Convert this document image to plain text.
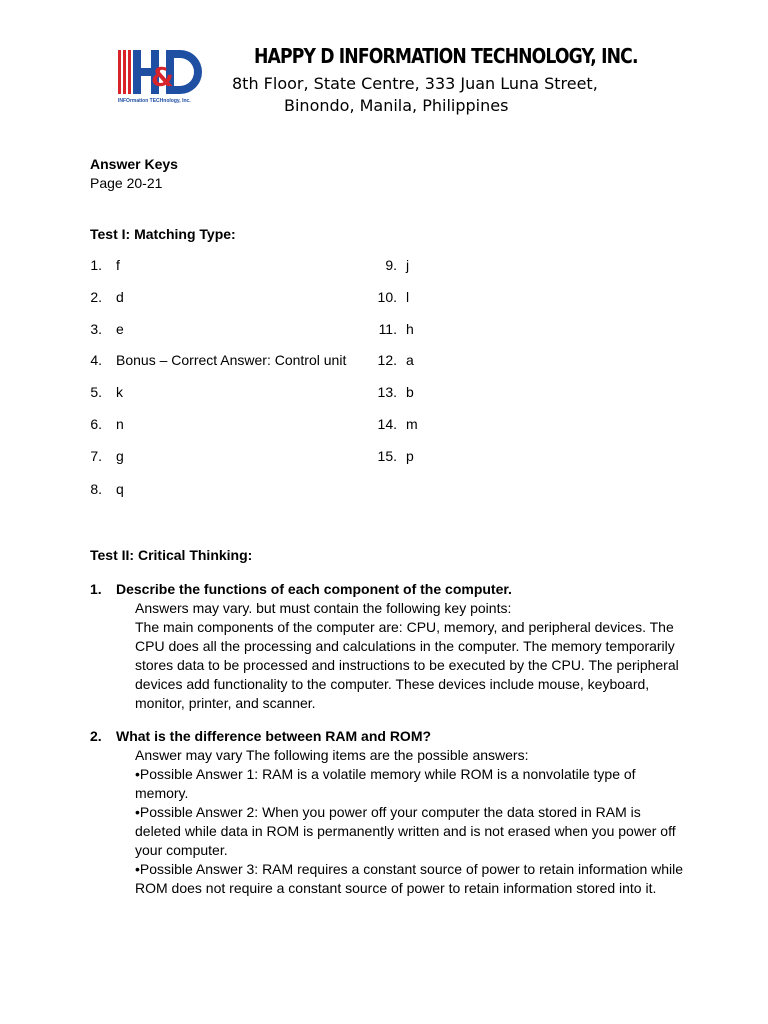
&
INFOrmation TECHnology, Inc.
HAPPY D INFORMATION TECHNOLOGY, INC.
8th Floor, State Centre, 333 Juan Luna Street,
Binondo, Manila, Philippines
Answer Keys
Page 20-21
Test I: Matching Type:
1. f
2. d
3. e
4. Bonus – Correct Answer: Control unit
5. k
6. n
7. g
8. q
9. j
10. l
11. h
12. a
13. b
14. m
15. p
Test II: Critical Thinking:
1. Describe the functions of each component of the computer.
Answers may vary. but must contain the following key points:
The main components of the computer are: CPU, memory, and peripheral devices. The
CPU does all the processing and calculations in the computer. The memory temporarily
stores data to be processed and instructions to be executed by the CPU. The peripheral
devices add functionality to the computer. These devices include mouse, keyboard,
monitor, printer, and scanner.
2. What is the difference between RAM and ROM?
Answer may vary The following items are the possible answers:
•Possible Answer 1: RAM is a volatile memory while ROM is a nonvolatile type of
memory.
•Possible Answer 2: When you power off your computer the data stored in RAM is
deleted while data in ROM is permanently written and is not erased when you power off
your computer.
•Possible Answer 3: RAM requires a constant source of power to retain information while
ROM does not require a constant source of power to retain information stored into it.
